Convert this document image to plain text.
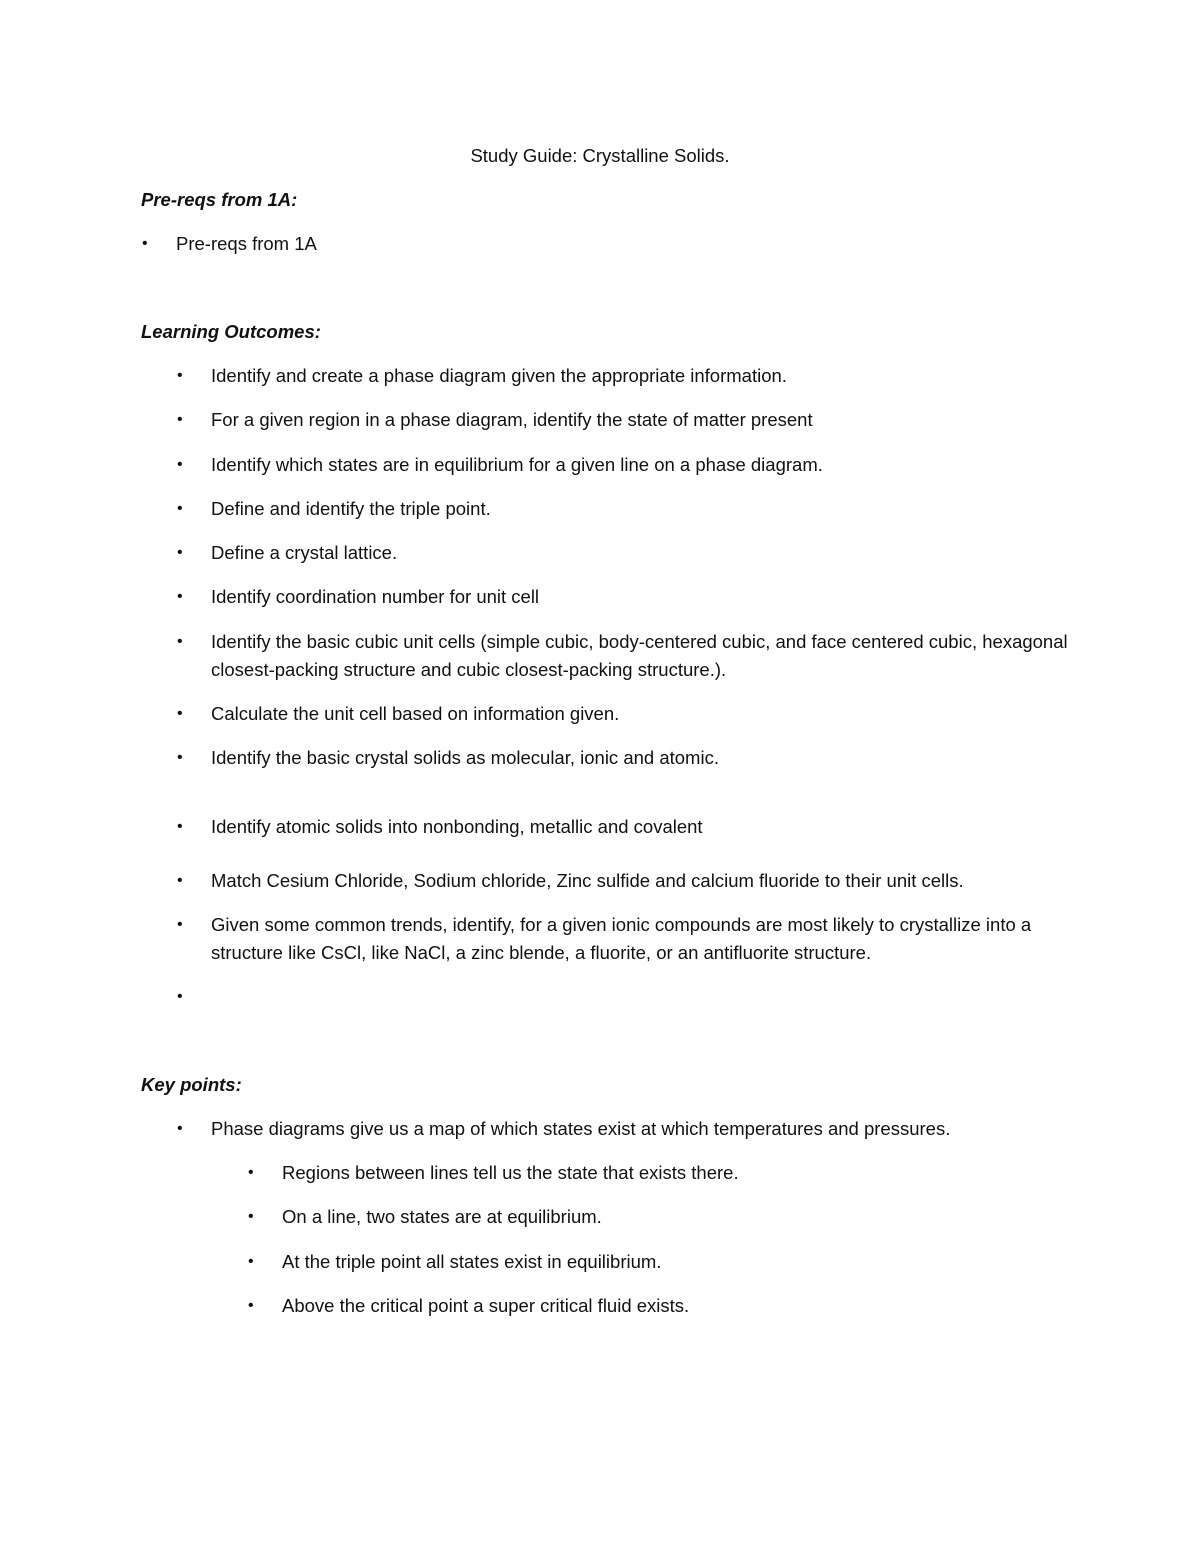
Study Guide: Crystalline Solids.

Pre-reqs from 1A:

• Pre-reqs from 1A

Learning Outcomes:

• Identify and create a phase diagram given the appropriate information.
• For a given region in a phase diagram, identify the state of matter present
• Identify which states are in equilibrium for a given line on a phase diagram.
• Define and identify the triple point.
• Define a crystal lattice.
• Identify coordination number for unit cell
• Identify the basic cubic unit cells (simple cubic, body-centered cubic, and face centered cubic, hexagonal closest-packing structure and cubic closest-packing structure.).
• Calculate the unit cell based on information given.
• Identify the basic crystal solids as molecular, ionic and atomic.
• Identify atomic solids into nonbonding, metallic and covalent
• Match Cesium Chloride, Sodium chloride, Zinc sulfide and calcium fluoride to their unit cells.
• Given some common trends, identify, for a given ionic compounds are most likely to crystallize into a structure like CsCl, like NaCl, a zinc blende, a fluorite, or an antifluorite structure.
•

Key points:

• Phase diagrams give us a map of which states exist at which temperatures and pressures.
• Regions between lines tell us the state that exists there.
• On a line, two states are at equilibrium.
• At the triple point all states exist in equilibrium.
• Above the critical point a super critical fluid exists.
